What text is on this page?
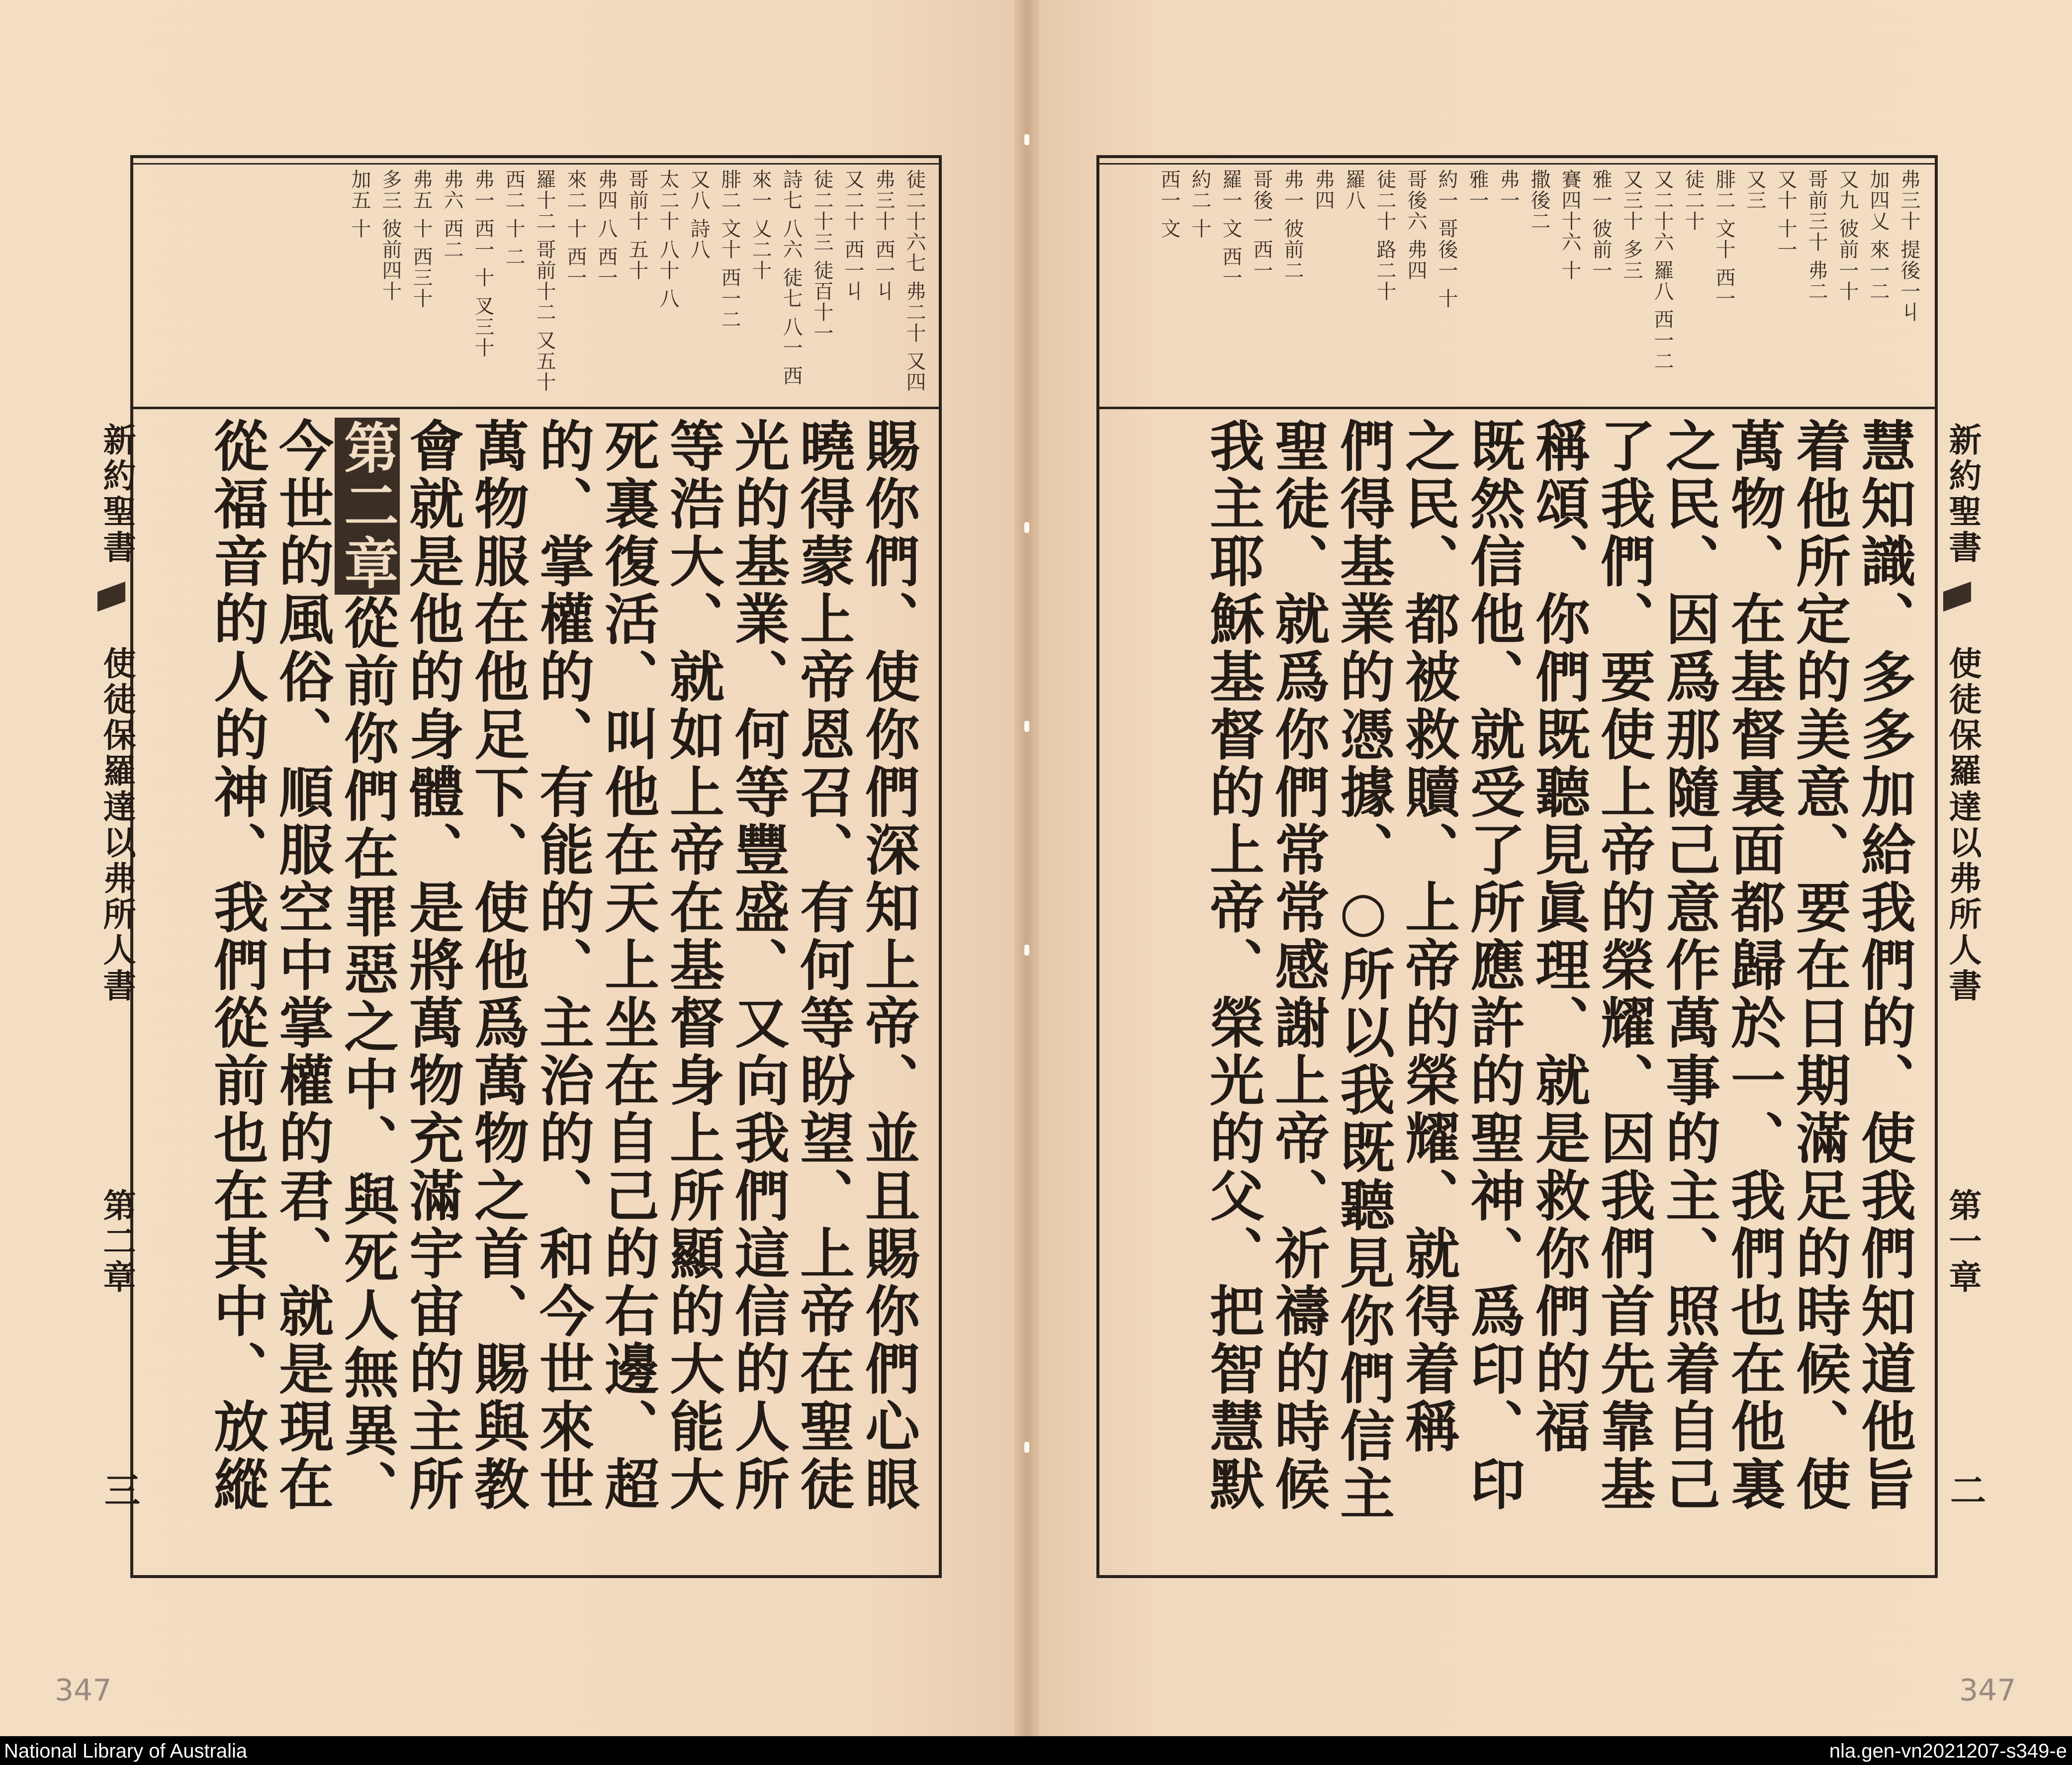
徒二十六七 弗二十 又四
弗三十 西一丩
又二十 西一丩
徒二十三 徒百十一
詩七 八六 徒七 八一 西
來一 乂二十
腓二 文十 西一二
又八 詩八
太二十 八十 八
哥前十 五十
弗四 八 西一
來二 十 西一
羅十二 哥前十二 又五十
西二 十 二
弗一 西一 十 叉三十
弗六 西二
弗五 十 西三十
多三 彼前四十
加五 十
賜你們、使你們深知上帝、並且賜你們心眼
曉得蒙上帝恩召、有何等盼望、上帝在聖徒
光的基業、何等豐盛、又向我們這信的人所
等浩大、就如上帝在基督身上所顯的大能大
死裏復活、叫他在天上坐在自己的右邊、超
的、掌權的、有能的、主治的、和今世來世
萬物服在他足下、使他爲萬物之首、賜與教
會就是他的身體、是將萬物充滿宇宙的主所
第二章從前你們在罪惡之中、與死人無異、
今世的風俗、順服空中掌權的君、就是現在
從福音的人的神、我們從前也在其中、放縱
新約聖書
使徒保羅達以弗所人書
第二章
三
347
弗三十 提後一丩
加四乂 來一二
又九 彼前一十
哥前三十 弗二
又十 十一
又三
腓二 文十 西一
徒二十
又二十六 羅八 西一二
又三十 多三
雅一 彼前一
賽四十六 十
撒後二
弗一
雅一
約一 哥後一 十
哥後六 弗四
徒二十 路二十
羅八
弗四
弗一 彼前二
哥後一 西一
羅一 文 西一
約二 十
西一 文
慧知識、多多加給我們的、使我們知道他旨
着他所定的美意、要在日期滿足的時候、使
萬物、在基督裏面都歸於一、我們也在他裏
之民、因爲那隨己意作萬事的主、照着自己
了我們、要使上帝的榮耀、因我們首先靠基
稱頌、你們既聽見眞理、就是救你們的福
既然信他、就受了所應許的聖神、爲印、印
之民、都被救贖、上帝的榮耀、就得着稱
們得基業的憑據、○所以我既聽見你們信主
聖徒、就爲你們常常感謝上帝、祈禱的時候
我主耶穌基督的上帝、榮光的父、把智慧默
新約聖書
使徒保羅達以弗所人書
第一章
二
347
National Library of Australia	nla.gen-vn2021207-s349-e
